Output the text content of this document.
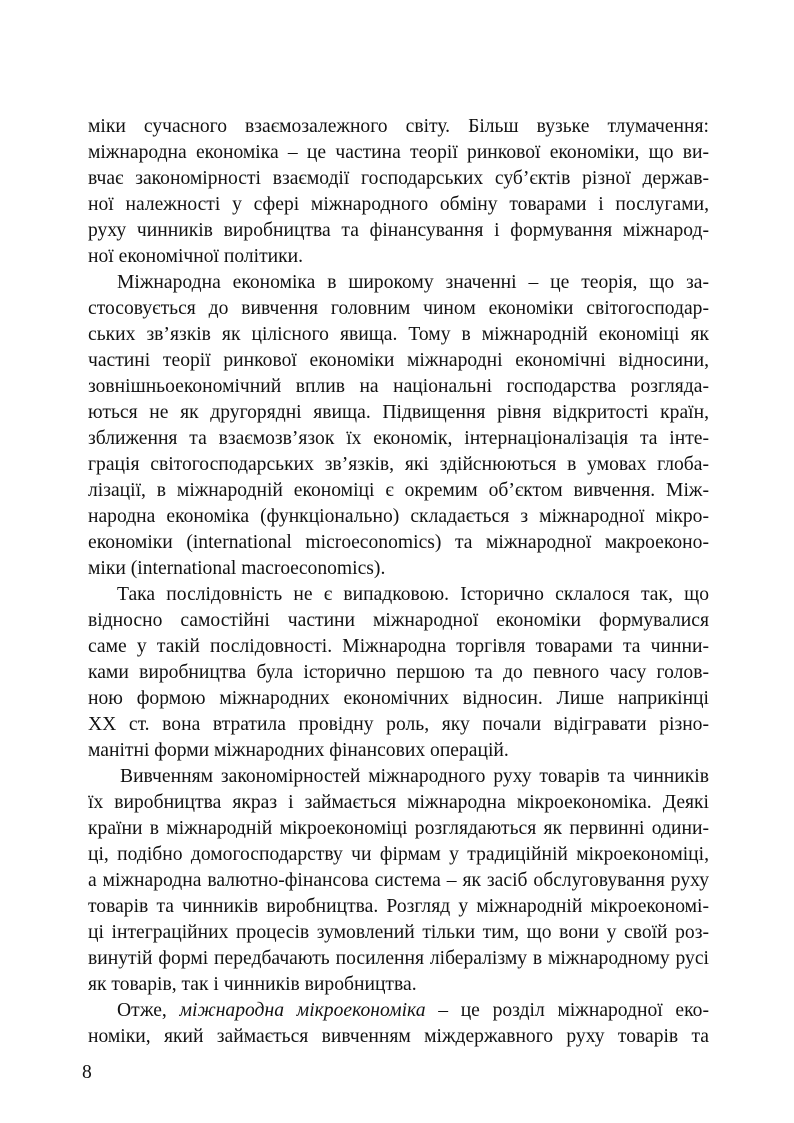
міки сучасного взаємозалежного світу. Більш вузьке тлумачення:
міжнародна економіка – це частина теорії ринкової економіки, що ви-
вчає закономірності взаємодії господарських суб’єктів різної держав-
ної належності у сфері міжнародного обміну товарами і послугами,
руху чинників виробництва та фінансування і формування міжнарод-
ної економічної політики.
Міжнародна економіка в широкому значенні – це теорія, що за-
стосовується до вивчення головним чином економіки світогосподар-
ських зв’язків як цілісного явища. Тому в міжнародній економіці як
частині теорії ринкової економіки міжнародні економічні відносини,
зовнішньоекономічний вплив на національні господарства розгляда-
ються не як другорядні явища. Підвищення рівня відкритості країн,
зближення та взаємозв’язок їх економік, інтернаціоналізація та інте-
грація світогосподарських зв’язків, які здійснюються в умовах глоба-
лізації, в міжнародній економіці є окремим об’єктом вивчення. Між-
народна економіка (функціонально) складається з міжнародної мікро-
економіки (international microeconomics) та міжнародної макроеконо-
міки (international macroeconomics).
Така послідовність не є випадковою. Історично склалося так, що
відносно самостійні частини міжнародної економіки формувалися
саме у такій послідовності. Міжнародна торгівля товарами та чинни-
ками виробництва була історично першою та до певного часу голов-
ною формою міжнародних економічних відносин. Лише наприкінці
ХХ ст. вона втратила провідну роль, яку почали відігравати різно-
манітні форми міжнародних фінансових операцій.
Вивченням закономірностей міжнародного руху товарів та чинників
їх виробництва якраз і займається міжнародна мікроекономіка. Деякі
країни в міжнародній мікроекономіці розглядаються як первинні одини-
ці, подібно домогосподарству чи фірмам у традиційній мікроекономіці,
а міжнародна валютно-фінансова система – як засіб обслуговування руху
товарів та чинників виробництва. Розгляд у міжнародній мікроекономі-
ці інтеграційних процесів зумовлений тільки тим, що вони у своїй роз-
винутій формі передбачають посилення лібералізму в міжнародному русі
як товарів, так і чинників виробництва.
Отже, міжнародна мікроекономіка – це розділ міжнародної еко-
номіки, який займається вивченням міждержавного руху товарів та
8
